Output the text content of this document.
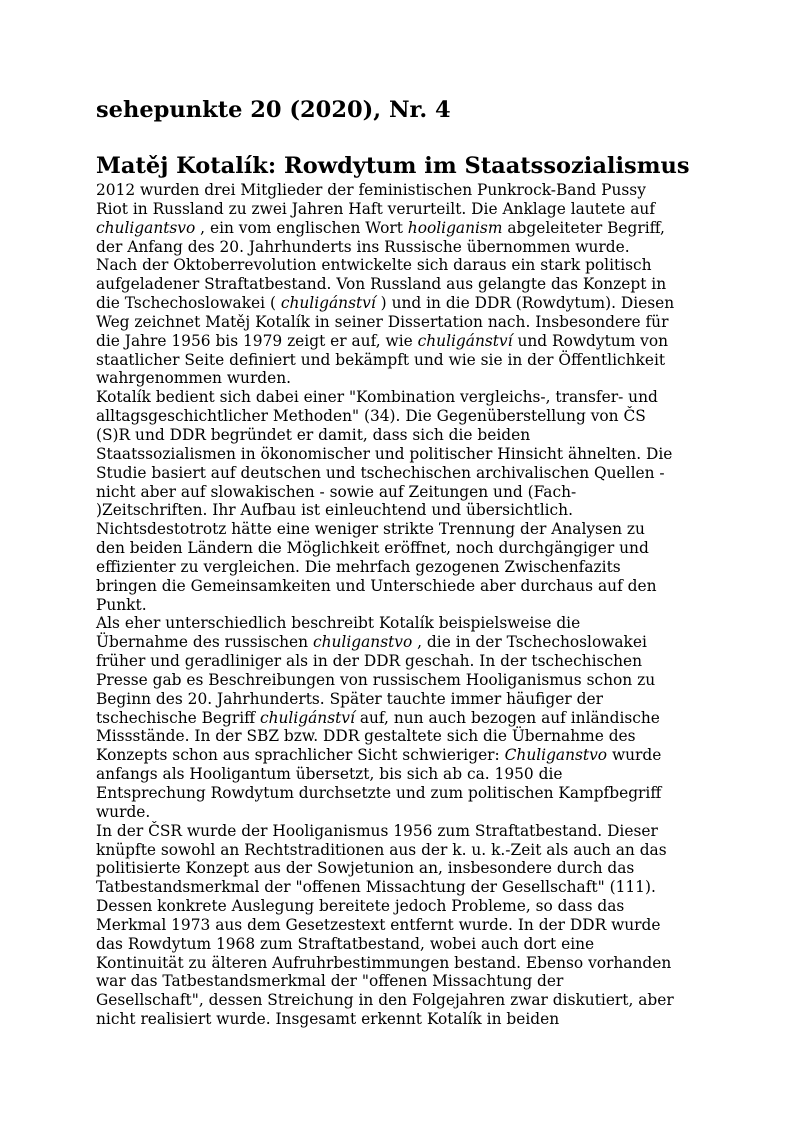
sehepunkte 20 (2020), Nr. 4
Matěj Kotalík: Rowdytum im Staatssozialismus
2012 wurden drei Mitglieder der feministischen Punkrock-Band Pussy
Riot in Russland zu zwei Jahren Haft verurteilt. Die Anklage lautete auf
chuligantsvo , ein vom englischen Wort hooliganism abgeleiteter Begriff,
der Anfang des 20. Jahrhunderts ins Russische übernommen wurde.
Nach der Oktoberrevolution entwickelte sich daraus ein stark politisch
aufgeladener Straftatbestand. Von Russland aus gelangte das Konzept in
die Tschechoslowakei ( chuligánství ) und in die DDR (Rowdytum). Diesen
Weg zeichnet Matěj Kotalík in seiner Dissertation nach. Insbesondere für
die Jahre 1956 bis 1979 zeigt er auf, wie chuligánství und Rowdytum von
staatlicher Seite definiert und bekämpft und wie sie in der Öffentlichkeit
wahrgenommen wurden.
Kotalík bedient sich dabei einer "Kombination vergleichs-, transfer- und
alltagsgeschichtlicher Methoden" (34). Die Gegenüberstellung von ČS
(S)R und DDR begründet er damit, dass sich die beiden
Staatssozialismen in ökonomischer und politischer Hinsicht ähnelten. Die
Studie basiert auf deutschen und tschechischen archivalischen Quellen -
nicht aber auf slowakischen - sowie auf Zeitungen und (Fach-
)Zeitschriften. Ihr Aufbau ist einleuchtend und übersichtlich.
Nichtsdestotrotz hätte eine weniger strikte Trennung der Analysen zu
den beiden Ländern die Möglichkeit eröffnet, noch durchgängiger und
effizienter zu vergleichen. Die mehrfach gezogenen Zwischenfazits
bringen die Gemeinsamkeiten und Unterschiede aber durchaus auf den
Punkt.
Als eher unterschiedlich beschreibt Kotalík beispielsweise die
Übernahme des russischen chuliganstvo , die in der Tschechoslowakei
früher und geradliniger als in der DDR geschah. In der tschechischen
Presse gab es Beschreibungen von russischem Hooliganismus schon zu
Beginn des 20. Jahrhunderts. Später tauchte immer häufiger der
tschechische Begriff chuligánství auf, nun auch bezogen auf inländische
Missstände. In der SBZ bzw. DDR gestaltete sich die Übernahme des
Konzepts schon aus sprachlicher Sicht schwieriger: Chuliganstvo wurde
anfangs als Hooligantum übersetzt, bis sich ab ca. 1950 die
Entsprechung Rowdytum durchsetzte und zum politischen Kampfbegriff
wurde.
In der ČSR wurde der Hooliganismus 1956 zum Straftatbestand. Dieser
knüpfte sowohl an Rechtstraditionen aus der k. u. k.-Zeit als auch an das
politisierte Konzept aus der Sowjetunion an, insbesondere durch das
Tatbestandsmerkmal der "offenen Missachtung der Gesellschaft" (111).
Dessen konkrete Auslegung bereitete jedoch Probleme, so dass das
Merkmal 1973 aus dem Gesetzestext entfernt wurde. In der DDR wurde
das Rowdytum 1968 zum Straftatbestand, wobei auch dort eine
Kontinuität zu älteren Aufruhrbestimmungen bestand. Ebenso vorhanden
war das Tatbestandsmerkmal der "offenen Missachtung der
Gesellschaft", dessen Streichung in den Folgejahren zwar diskutiert, aber
nicht realisiert wurde. Insgesamt erkennt Kotalík in beiden
